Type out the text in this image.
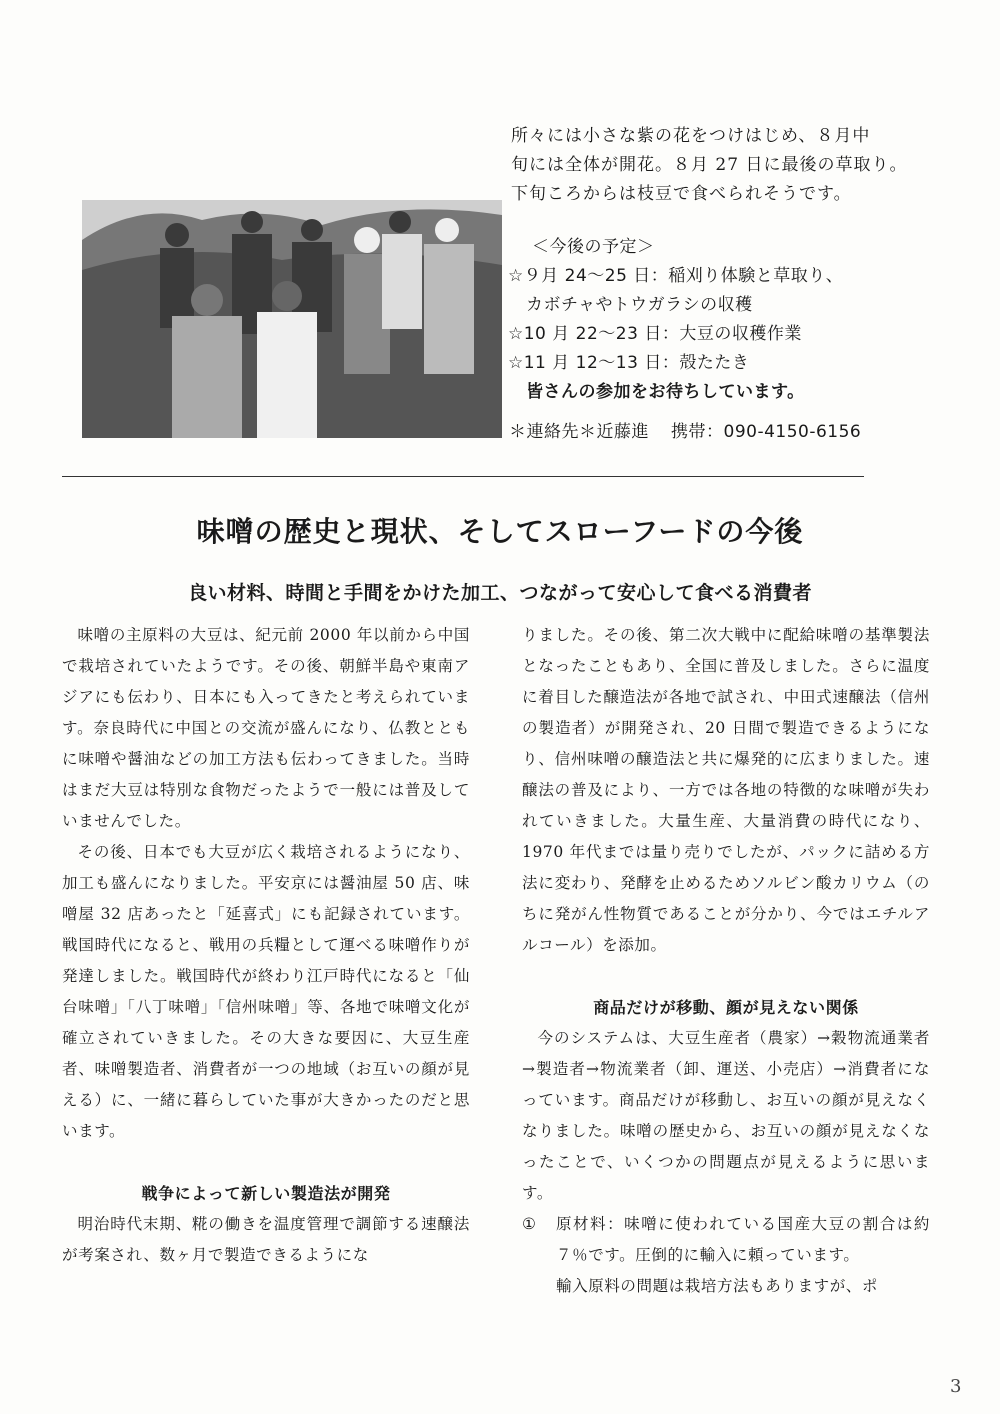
所々には小さな紫の花をつけはじめ、８月中

旬には全体が開花。８月 27 日に最後の草取り。

下旬ころからは枝豆で食べられそうです。

＜今後の予定＞
☆９月 24～25 日：稲刈り体験と草取り、
カボチャやトウガラシの収穫
☆10 月 22～23 日：大豆の収穫作業
☆11 月 12～13 日：殻たたき
皆さんの参加をお待ちしています。
＊連絡先＊近藤進 携帯：090-4150-6156
味噌の歴史と現状、そしてスローフードの今後
良い材料、時間と手間をかけた加工、つながって安心して食べる消費者

味噌の主原料の大豆は、紀元前 2000 年以前から中国で栽培されていたようです。その後、朝鮮半島や東南アジアにも伝わり、日本にも入ってきたと考えられています。奈良時代に中国との交流が盛んになり、仏教とともに味噌や醤油などの加工方法も伝わってきました。当時はまだ大豆は特別な食物だったようで一般には普及していませんでした。

その後、日本でも大豆が広く栽培されるようになり、加工も盛んになりました。平安京には醤油屋 50 店、味噌屋 32 店あったと「延喜式」にも記録されています。戦国時代になると、戦用の兵糧として運べる味噌作りが発達しました。戦国時代が終わり江戸時代になると「仙台味噌」「八丁味噌」「信州味噌」等、各地で味噌文化が確立されていきました。その大きな要因に、大豆生産者、味噌製造者、消費者が一つの地域（お互いの顔が見える）に、一緒に暮らしていた事が大きかったのだと思います。

戦争によって新しい製造法が開発

明治時代末期、糀の働きを温度管理で調節する速醸法が考案され、数ヶ月で製造できるようにな

りました。その後、第二次大戦中に配給味噌の基準製法となったこともあり、全国に普及しました。さらに温度に着目した醸造法が各地で試され、中田式速醸法（信州の製造者）が開発され、20 日間で製造できるようになり、信州味噌の醸造法と共に爆発的に広まりました。速醸法の普及により、一方では各地の特徴的な味噌が失われていきました。大量生産、大量消費の時代になり、1970 年代までは量り売りでしたが、パックに詰める方法に変わり、発酵を止めるためソルビン酸カリウム（のちに発がん性物質であることが分かり、今ではエチルアルコール）を添加。

商品だけが移動、顔が見えない関係

今のシステムは、大豆生産者（農家）→穀物流通業者→製造者→物流業者（卸、運送、小売店）→消費者になっています。商品だけが移動し、お互いの顔が見えなくなりました。味噌の歴史から、お互いの顔が見えなくなったことで、いくつかの問題点が見えるように思います。

①	原材料：味噌に使われている国産大豆の割合は約７％です。圧倒的に輸入に頼っています。

輸入原料の問題は栽培方法もありますが、ポ

3
